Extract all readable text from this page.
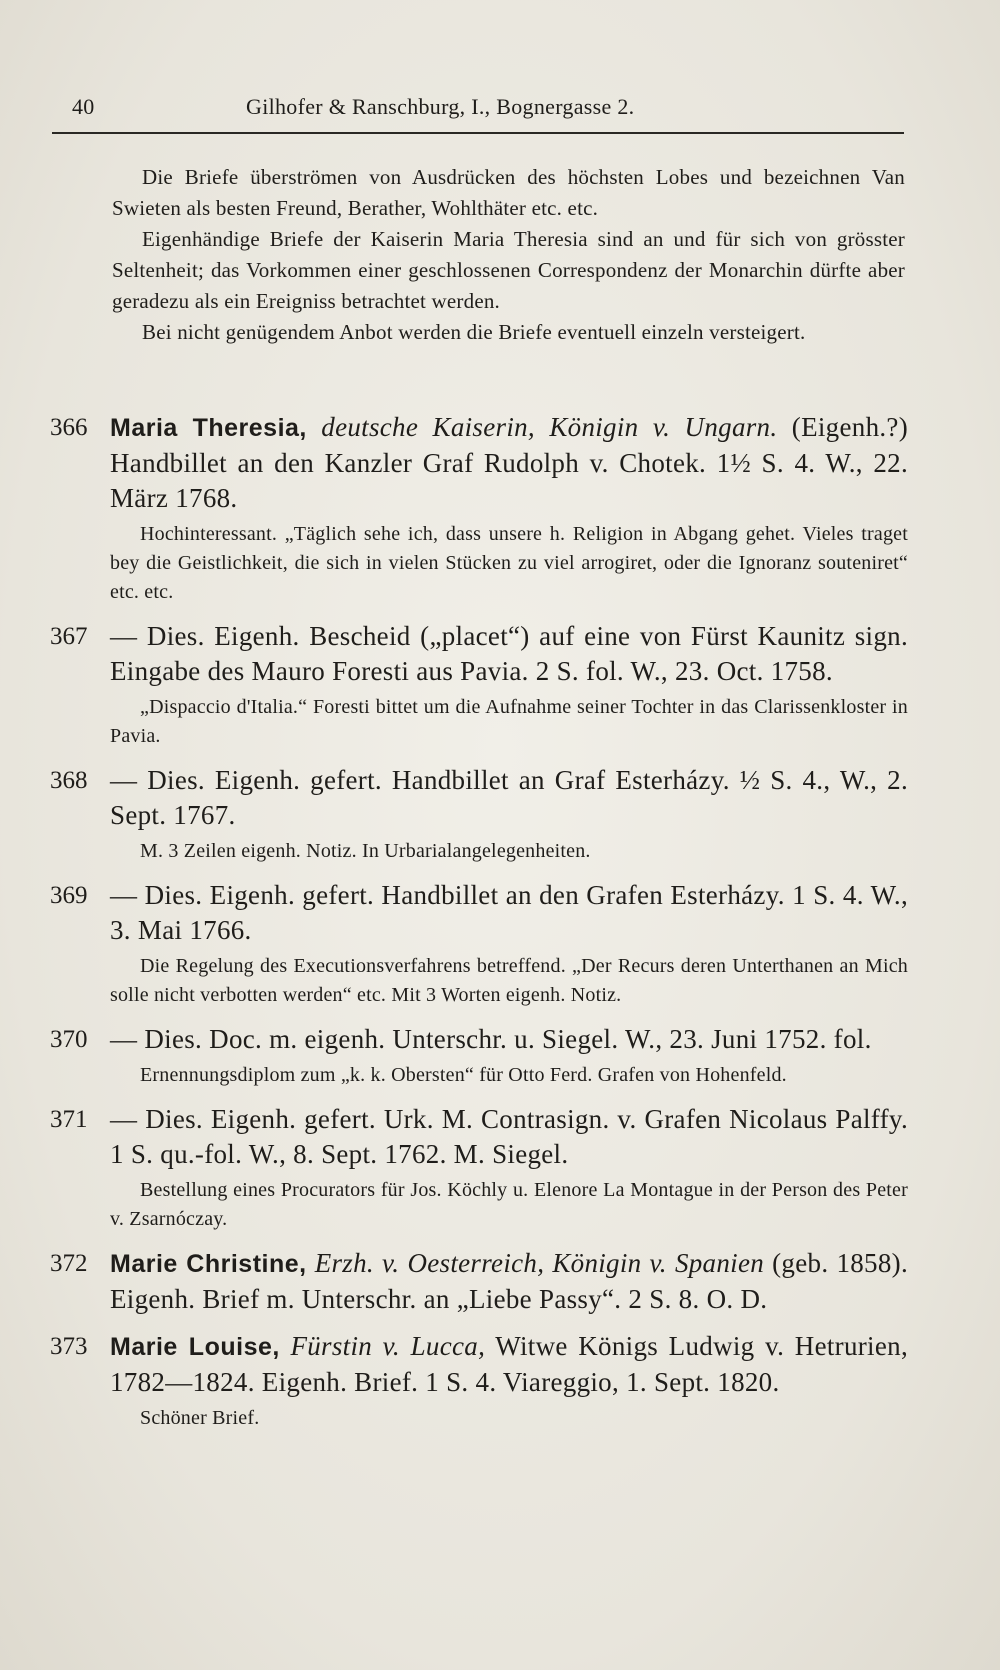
40	Gilhofer & Ranschburg, I., Bognergasse 2.

Die Briefe überströmen von Ausdrücken des höchsten Lobes und bezeichnen Van Swieten als besten Freund, Berather, Wohlthäter etc. etc.

Eigenhändige Briefe der Kaiserin Maria Theresia sind an und für sich von grösster Seltenheit; das Vorkommen einer geschlossenen Correspondenz der Monarchin dürfte aber geradezu als ein Ereigniss betrachtet werden.

Bei nicht genügendem Anbot werden die Briefe eventuell einzeln versteigert.

366 Maria Theresia, deutsche Kaiserin, Königin v. Ungarn. (Eigenh.?) Handbillet an den Kanzler Graf Rudolph v. Chotek. 1½ S. 4. W., 22. März 1768.

Hochinteressant. „Täglich sehe ich, dass unsere h. Religion in Abgang gehet. Vieles traget bey die Geistlichkeit, die sich in vielen Stücken zu viel arrogiret, oder die Ignoranz souteniret“ etc. etc.

367 — Dies. Eigenh. Bescheid („placet“) auf eine von Fürst Kaunitz sign. Eingabe des Mauro Foresti aus Pavia. 2 S. fol. W., 23. Oct. 1758.

„Dispaccio d'Italia.“ Foresti bittet um die Aufnahme seiner Tochter in das Clarissenkloster in Pavia.

368 — Dies. Eigenh. gefert. Handbillet an Graf Esterházy. ½ S. 4., W., 2. Sept. 1767.

M. 3 Zeilen eigenh. Notiz. In Urbarialangelegenheiten.

369 — Dies. Eigenh. gefert. Handbillet an den Grafen Esterházy. 1 S. 4. W., 3. Mai 1766.

Die Regelung des Executionsverfahrens betreffend. „Der Recurs deren Unterthanen an Mich solle nicht verbotten werden“ etc. Mit 3 Worten eigenh. Notiz.

370 — Dies. Doc. m. eigenh. Unterschr. u. Siegel. W., 23. Juni 1752. fol.

Ernennungsdiplom zum „k. k. Obersten“ für Otto Ferd. Grafen von Hohenfeld.

371 — Dies. Eigenh. gefert. Urk. M. Contrasign. v. Grafen Nicolaus Palffy. 1 S. qu.-fol. W., 8. Sept. 1762. M. Siegel.

Bestellung eines Procurators für Jos. Köchly u. Elenore La Montague in der Person des Peter v. Zsarnóczay.

372 Marie Christine, Erzh. v. Oesterreich, Königin v. Spanien (geb. 1858). Eigenh. Brief m. Unterschr. an „Liebe Passy“. 2 S. 8. O. D.

373 Marie Louise, Fürstin v. Lucca, Witwe Königs Ludwig v. Hetrurien, 1782—1824. Eigenh. Brief. 1 S. 4. Viareggio, 1. Sept. 1820.

Schöner Brief.
